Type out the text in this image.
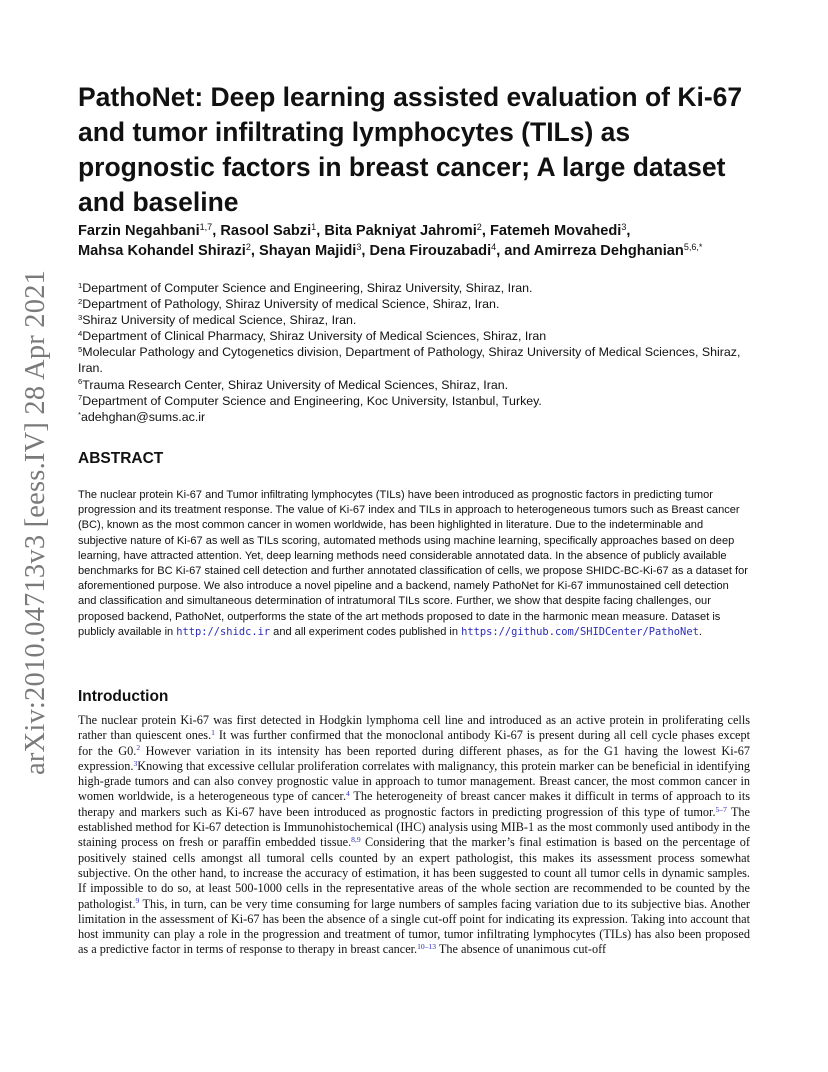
arXiv:2010.04713v3 [eess.IV] 28 Apr 2021
PathoNet: Deep learning assisted evaluation of Ki-67 and tumor infiltrating lymphocytes (TILs) as prognostic factors in breast cancer; A large dataset and baseline
Farzin Negahbani$^{1,7}$, Rasool Sabzi$^1$, Bita Pakniyat Jahromi$^2$, Fatemeh Movahedi$^3$, Mahsa Kohandel Shirazi$^2$, Shayan Majidi$^3$, Dena Firouzabadi$^4$, and Amirreza Dehghanian$^{5,6,*}$
$^1$Department of Computer Science and Engineering, Shiraz University, Shiraz, Iran.
$^2$Department of Pathology, Shiraz University of medical Science, Shiraz, Iran.
$^3$Shiraz University of medical Science, Shiraz, Iran.
$^4$Department of Clinical Pharmacy, Shiraz University of Medical Sciences, Shiraz, Iran
$^5$Molecular Pathology and Cytogenetics division, Department of Pathology, Shiraz University of Medical Sciences, Shiraz, Iran.
$^6$Trauma Research Center, Shiraz University of Medical Sciences, Shiraz, Iran.
$^7$Department of Computer Science and Engineering, Koc University, Istanbul, Turkey.
*adehghan@sums.ac.ir
ABSTRACT

The nuclear protein Ki-67 and Tumor infiltrating lymphocytes (TILs) have been introduced as prognostic factors in predicting tumor progression and its treatment response. The value of Ki-67 index and TILs in approach to heterogeneous tumors such as Breast cancer (BC), known as the most common cancer in women worldwide, has been highlighted in literature. Due to the indeterminable and subjective nature of Ki-67 as well as TILs scoring, automated methods using machine learning, specifically approaches based on deep learning, have attracted attention. Yet, deep learning methods need considerable annotated data. In the absence of publicly available benchmarks for BC Ki-67 stained cell detection and further annotated classification of cells, we propose SHIDC-BC-Ki-67 as a dataset for aforementioned purpose. We also introduce a novel pipeline and a backend, namely PathoNet for Ki-67 immunostained cell detection and classification and simultaneous determination of intratumoral TILs score. Further, we show that despite facing challenges, our proposed backend, PathoNet, outperforms the state of the art methods proposed to date in the harmonic mean measure. Dataset is publicly available in http://shidc.ir and all experiment codes published in https://github.com/SHIDCenter/PathoNet.

Introduction

The nuclear protein Ki-67 was first detected in Hodgkin lymphoma cell line and introduced as an active protein in proliferating cells rather than quiescent ones.$^1$ It was further confirmed that the monoclonal antibody Ki-67 is present during all cell cycle phases except for the G0.$^2$ However variation in its intensity has been reported during different phases, as for the G1 having the lowest Ki-67 expression.$^3$Knowing that excessive cellular proliferation correlates with malignancy, this protein marker can be beneficial in identifying high-grade tumors and can also convey prognostic value in approach to tumor management. Breast cancer, the most common cancer in women worldwide, is a heterogeneous type of cancer.$^4$ The heterogeneity of breast cancer makes it difficult in terms of approach to its therapy and markers such as Ki-67 have been introduced as prognostic factors in predicting progression of this type of tumor.$^{5-7}$ The established method for Ki-67 detection is Immunohistochemical (IHC) analysis using MIB-1 as the most commonly used antibody in the staining process on fresh or paraffin embedded tissue.$^{8,9}$ Considering that the marker’s final estimation is based on the percentage of positively stained cells amongst all tumoral cells counted by an expert pathologist, this makes its assessment process somewhat subjective. On the other hand, to increase the accuracy of estimation, it has been suggested to count all tumor cells in dynamic samples. If impossible to do so, at least 500-1000 cells in the representative areas of the whole section are recommended to be counted by the pathologist.$^9$ This, in turn, can be very time consuming for large numbers of samples facing variation due to its subjective bias. Another limitation in the assessment of Ki-67 has been the absence of a single cut-off point for indicating its expression. Taking into account that host immunity can play a role in the progression and treatment of tumor, tumor infiltrating lymphocytes (TILs) has also been proposed as a predictive factor in terms of response to therapy in breast cancer.$^{10-13}$ The absence of unanimous cut-off
